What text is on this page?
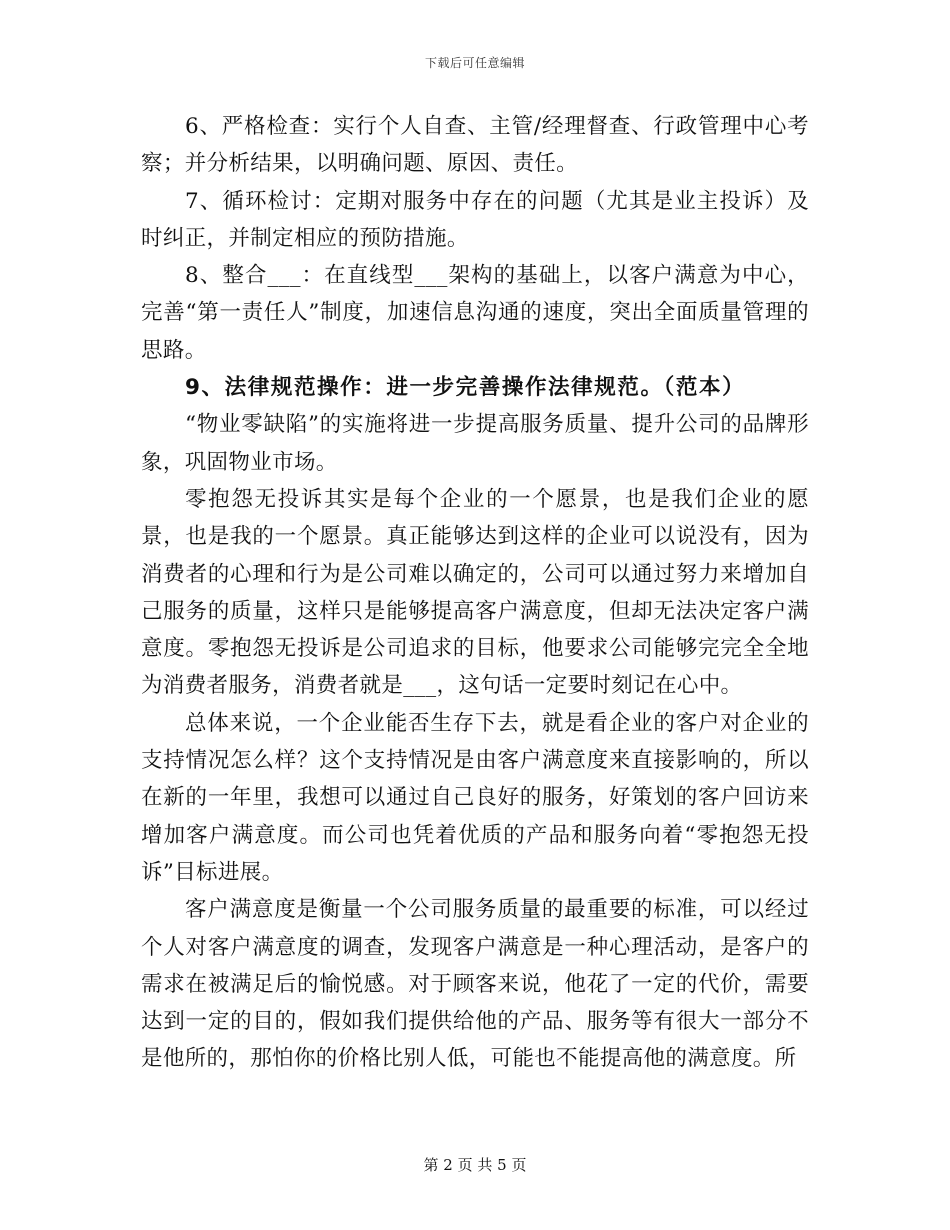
下载后可任意编辑

6、严格检查：实行个人自查、主管/经理督查、行政管理中心考察；并分析结果，以明确问题、原因、责任。

7、循环检讨：定期对服务中存在的问题（尤其是业主投诉）及时纠正，并制定相应的预防措施。

8、整合___：在直线型___架构的基础上，以客户满意为中心，完善“第一责任人”制度，加速信息沟通的速度，突出全面质量管理的思路。

9、法律规范操作：进一步完善操作法律规范。（范本）

“物业零缺陷”的实施将进一步提高服务质量、提升公司的品牌形象，巩固物业市场。

零抱怨无投诉其实是每个企业的一个愿景，也是我们企业的愿景，也是我的一个愿景。真正能够达到这样的企业可以说没有，因为消费者的心理和行为是公司难以确定的，公司可以通过努力来增加自己服务的质量，这样只是能够提高客户满意度，但却无法决定客户满意度。零抱怨无投诉是公司追求的目标，他要求公司能够完完全全地为消费者服务，消费者就是___，这句话一定要时刻记在心中。

总体来说，一个企业能否生存下去，就是看企业的客户对企业的支持情况怎么样？这个支持情况是由客户满意度来直接影响的，所以在新的一年里，我想可以通过自己良好的服务，好策划的客户回访来增加客户满意度。而公司也凭着优质的产品和服务向着“零抱怨无投诉”目标进展。

客户满意度是衡量一个公司服务质量的最重要的标准，可以经过个人对客户满意度的调查，发现客户满意是一种心理活动，是客户的需求在被满足后的愉悦感。对于顾客来说，他花了一定的代价，需要达到一定的目的，假如我们提供给他的产品、服务等有很大一部分不是他所的，那怕你的价格比别人低，可能也不能提高他的满意度。所

第 2 页 共 5 页
